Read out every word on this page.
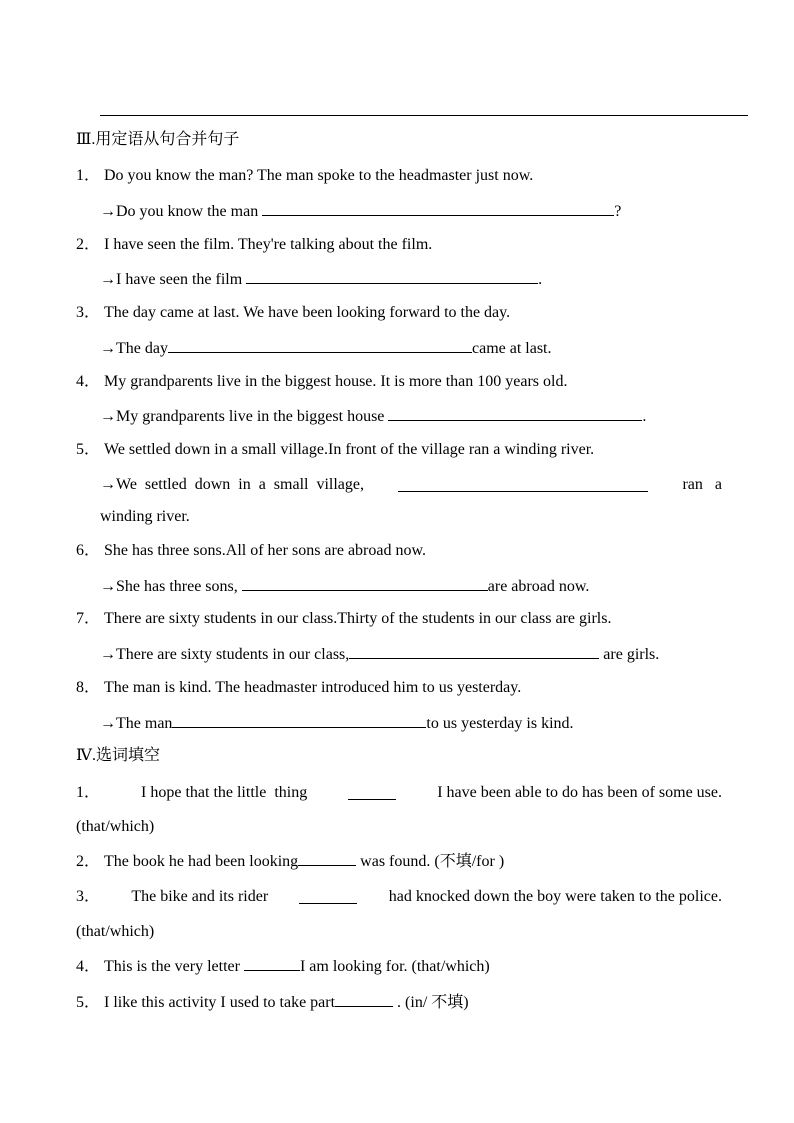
Ⅲ.用定语从句合并句子
1． Do you know the man? The man spoke to the headmaster just now.
→Do you know the man	?
2． I have seen the film. They're talking about the film.
→I have seen the film	.
3． The day came at last. We have been looking forward to the day.
→The day	came at last.
4． My grandparents live in the biggest house. It is more than 100 years old.
→My grandparents live in the biggest house	.
5． We settled down in a small village.In front of the village ran a winding river.
→We  settled  down  in  a  small  village,	ran   a
winding river.
6． She has three sons.All of her sons are abroad now.
→She has three sons,	are abroad now.
7． There are sixty students in our class.Thirty of the students in our class are girls.
→There are sixty students in our class,	are girls.
8． The man is kind. The headmaster introduced him to us yesterday.
→The man	to us yesterday is kind.
Ⅳ.选词填空
1．	I hope that the little  thing	I have been able to do has been of some use.
(that/which)
2． The book he had been looking	was found. (不填/for )
3． The bike and its rider	had knocked down the boy were taken to the police.
(that/which)
4． This is the very letter	I am looking for. (that/which)
5． I like this activity I used to take part	. (in/ 不填)
